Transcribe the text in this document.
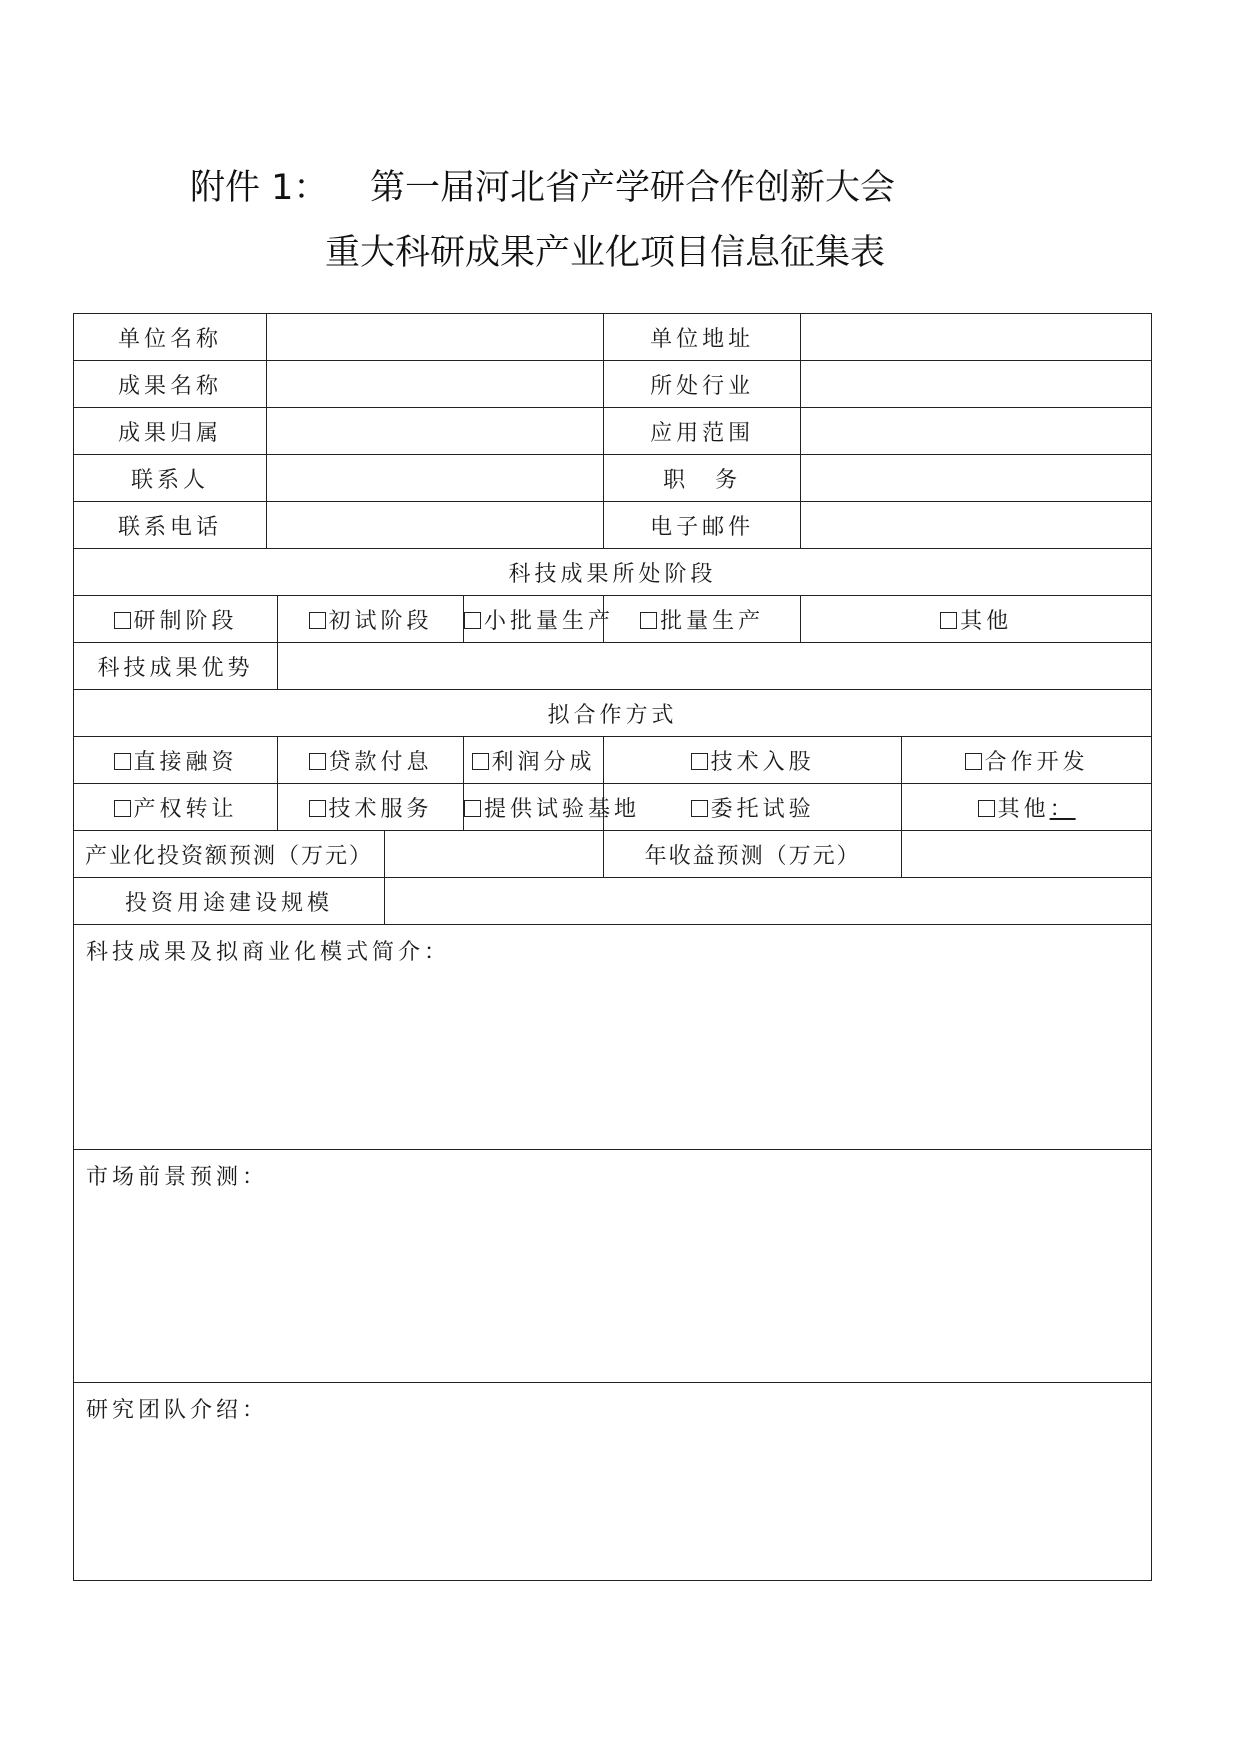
附件 1： 第一届河北省产学研合作创新大会
重大科研成果产业化项目信息征集表
单位名称					单位地址		
成果名称					所处行业		
成果归属					应用范围		
联系人					职　务		
联系电话					电子邮件		
科技成果所处阶段							
研制阶段		初试阶段		小批量生产	批量生产	其他	
科技成果优势							
拟合作方式							
直接融资		贷款付息		利润分成	技术入股		合作开发
产权转让		技术服务		提供试验基地	委托试验		其他：
产业化投资额预测（万元）					年收益预测（万元）		
投资用途建设规模							
科技成果及拟商业化模式简介：							
市场前景预测：							
研究团队介绍：							
